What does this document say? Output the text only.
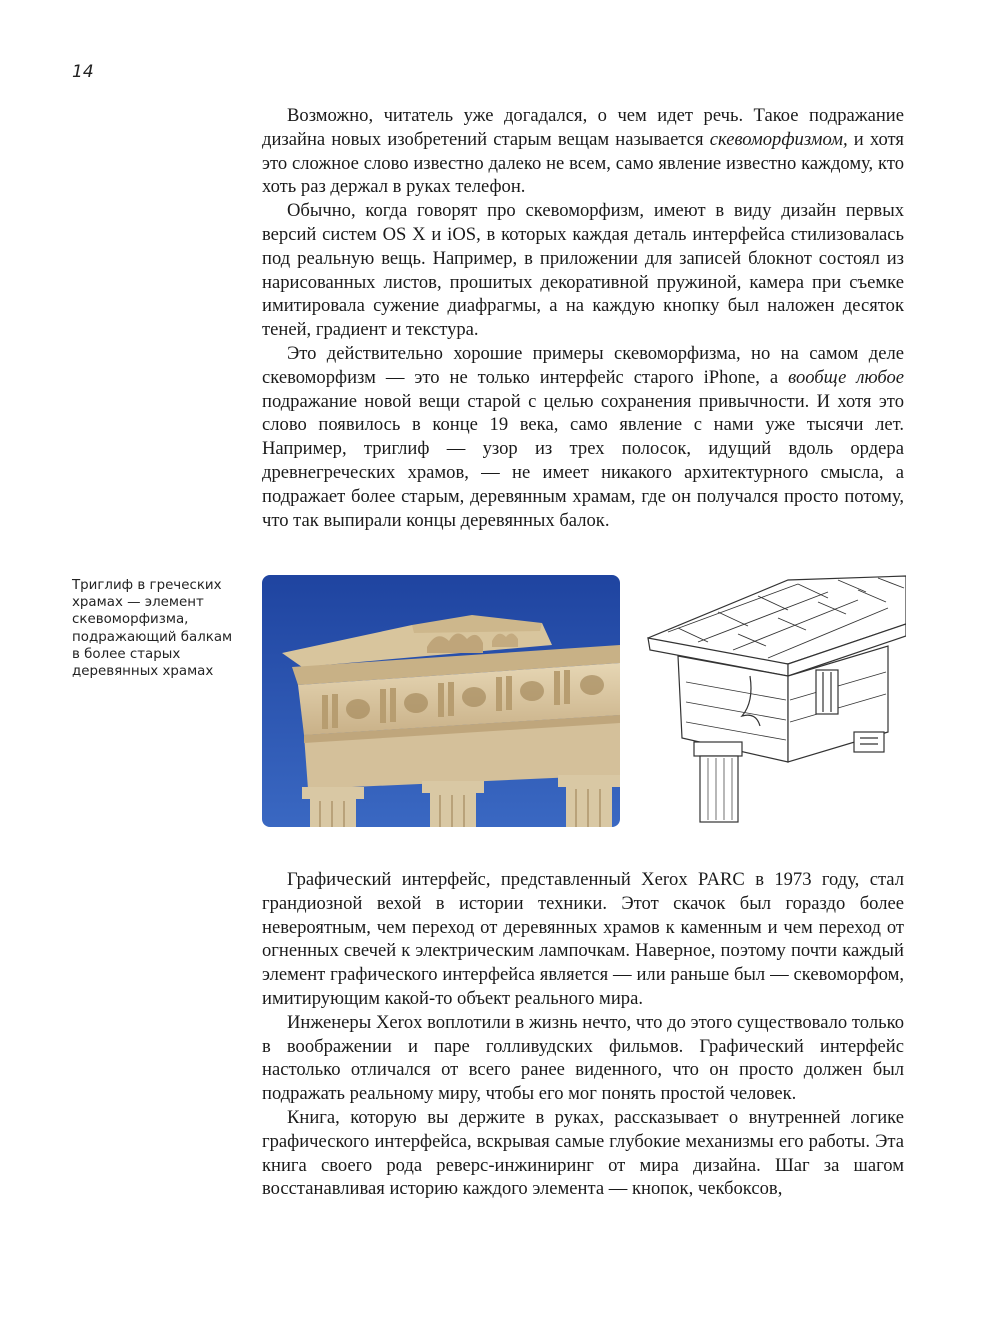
14

Возможно, читатель уже догадался, о чем идет речь. Такое подражание дизайна новых изобретений старым вещам называется скевоморфизмом, и хотя это сложное слово известно далеко не всем, само явление известно каждому, кто хоть раз держал в руках телефон.

Обычно, когда говорят про скевоморфизм, имеют в виду дизайн первых версий систем OS X и iOS, в которых каждая деталь интерфейса стилизовалась под реальную вещь. Например, в приложении для записей блокнот состоял из нарисованных листов, прошитых декоративной пружиной, камера при съемке имитировала сужение диафрагмы, а на каждую кнопку был наложен десяток теней, градиент и текстура.

Это действительно хорошие примеры скевоморфизма, но на самом деле скевоморфизм — это не только интерфейс старого iPhone, а вообще любое подражание новой вещи старой с целью сохранения привычности. И хотя это слово появилось в конце 19 века, само явление с нами уже тысячи лет. Например, триглиф — узор из трех полосок, идущий вдоль ордера древнегреческих храмов, — не имеет никакого архитектурного смысла, а подражает более старым, деревянным храмам, где он получался просто потому, что так выпирали концы деревянных балок.

Триглиф в греческих храмах — элемент скевоморфизма, подражающий балкам в более старых деревянных храмах

Графический интерфейс, представленный Xerox PARC в 1973 году, стал грандиозной вехой в истории техники. Этот скачок был гораздо более невероятным, чем переход от деревянных храмов к каменным и чем переход от огненных свечей к электрическим лампочкам. Наверное, поэтому почти каждый элемент графического интерфейса является — или раньше был — скевоморфом, имитирующим какой-то объект реального мира.

Инженеры Xerox воплотили в жизнь нечто, что до этого существовало только в воображении и паре голливудских фильмов. Графический интерфейс настолько отличался от всего ранее виденного, что он просто должен был подражать реальному миру, чтобы его мог понять простой человек.

Книга, которую вы держите в руках, рассказывает о внутренней логике графического интерфейса, вскрывая самые глубокие механизмы его работы. Эта книга своего рода реверс-инжиниринг от мира дизайна. Шаг за шагом восстанавливая историю каждого элемента — кнопок, чекбоксов,
